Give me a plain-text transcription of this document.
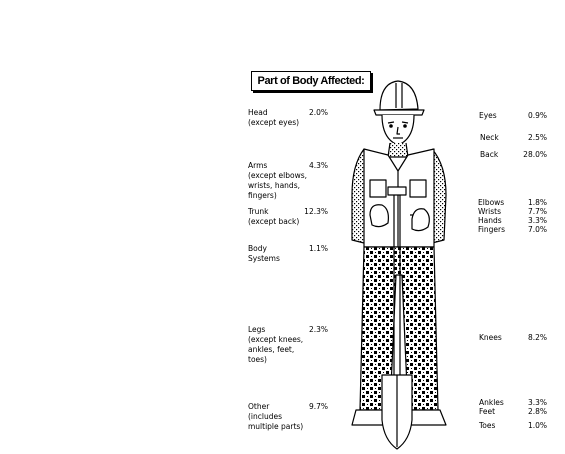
Part of Body Affected:
Head
(except eyes)
2.0%
Arms
(except elbows,
wrists, hands,
fingers)
4.3%
Trunk
(except back)
12.3%
Body
Systems
1.1%
Legs
(except knees,
ankles, feet,
toes)
2.3%
Other
(includes
multiple parts)
9.7%
Eyes	0.9%
Neck	2.5%
Back	28.0%
Elbows	1.8%
Wrists	7.7%
Hands	3.3%
Fingers	7.0%
Knees	8.2%
Ankles	3.3%
Feet	2.8%
Toes	1.0%
